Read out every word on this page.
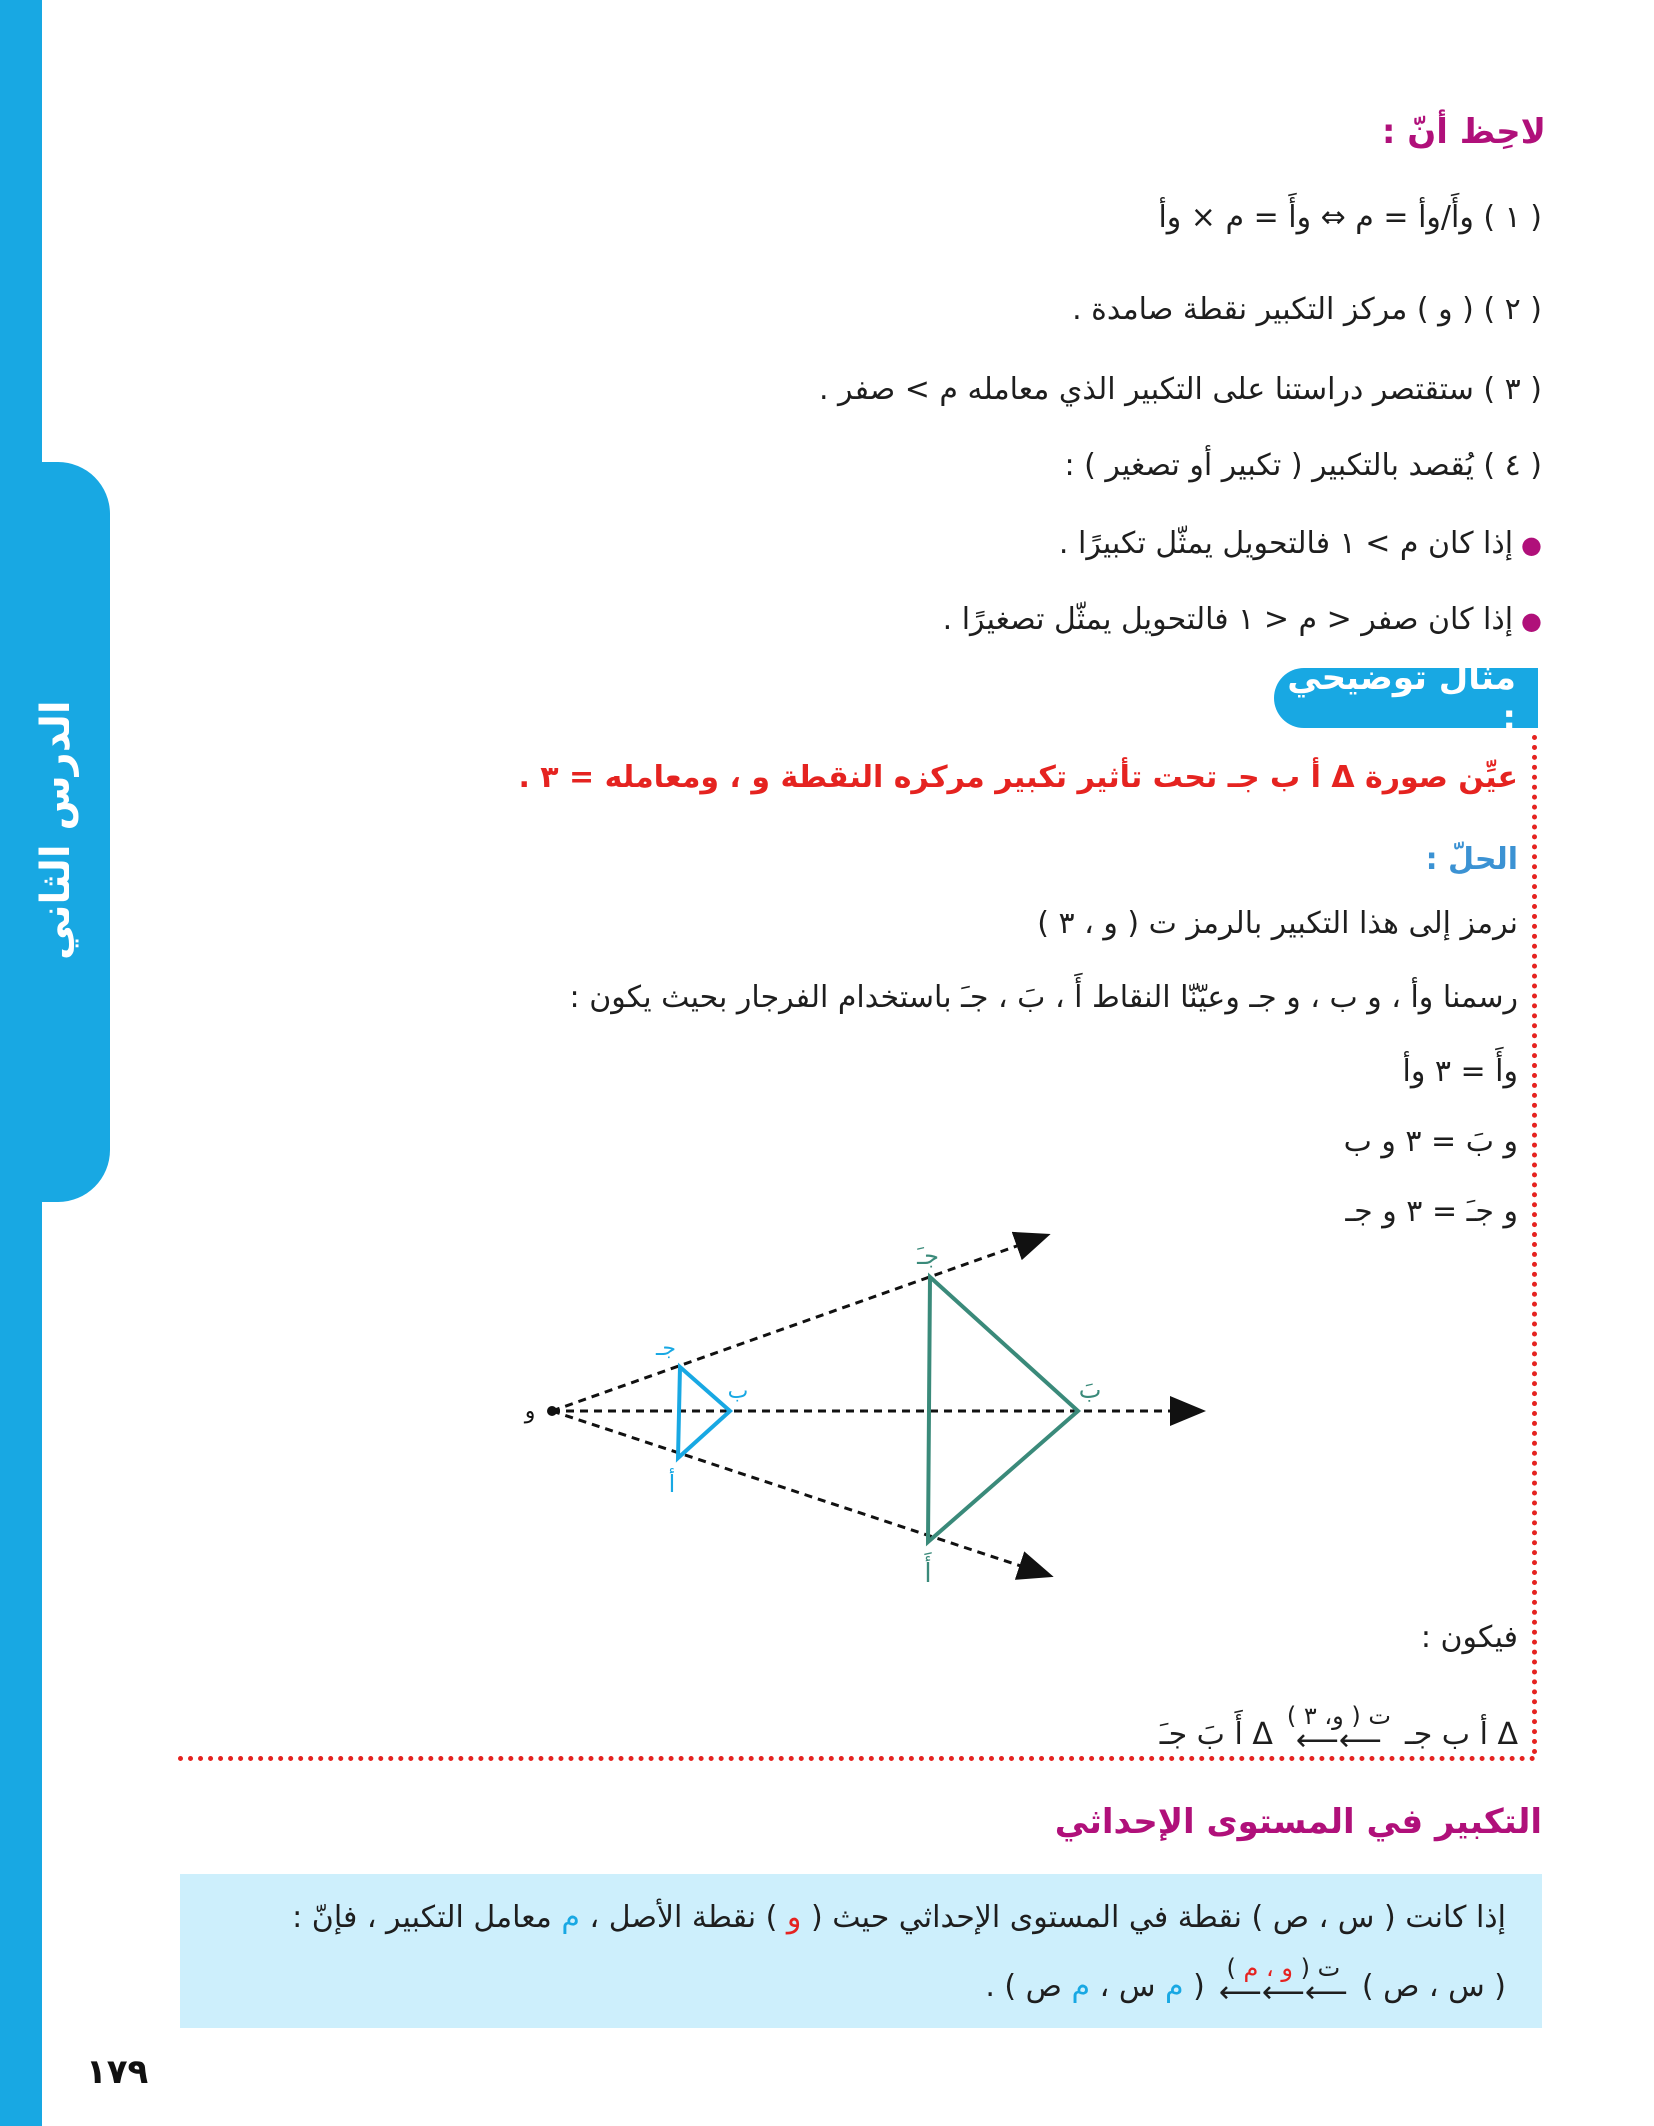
الدرس الثاني
لاحِظ أنّ :
( ١ ) وأَ/وأ = م ⇔ وأَ = م × وأ
( ٢ ) ( و ) مركز التكبير نقطة صامدة .
( ٣ ) ستقتصر دراستنا على التكبير الذي معامله م > صفر .
( ٤ ) يُقصد بالتكبير ( تكبير أو تصغير ) :
●إذا كان م > ١ فالتحويل يمثّل تكبيرًا .
●إذا كان صفر < م < ١ فالتحويل يمثّل تصغيرًا .
مثال توضيحي :
عيِّن صورة Δ أ ب جـ تحت تأثير تكبير مركزه النقطة و ، ومعامله = ٣ .
الحلّ :
نرمز إلى هذا التكبير بالرمز ت ( و ، ٣ )
رسمنا وأ ، و ب ، و جـ وعيّنّا النقاط أَ ، بَ ، جـَ باستخدام الفرجار بحيث يكون :
وأَ = ٣ وأ
و بَ = ٣ و ب
و جـَ = ٣ و جـ
و
أ
ب
جـ
أَ
بَ
جـَ
فيكون :
Δ أ ب جـ
ت ( و، ٣ )
⟵⟵
Δ أَ بَ جـَ
التكبير في المستوى الإحداثي
إذا كانت ( س ، ص ) نقطة في المستوى الإحداثي حيث ( و ) نقطة الأصل ، م معامل التكبير ، فإنّ :
( س ، ص )
ت ( و ، م )
⟵⟵⟵
( م س ، م ص ) .
١٧٩
